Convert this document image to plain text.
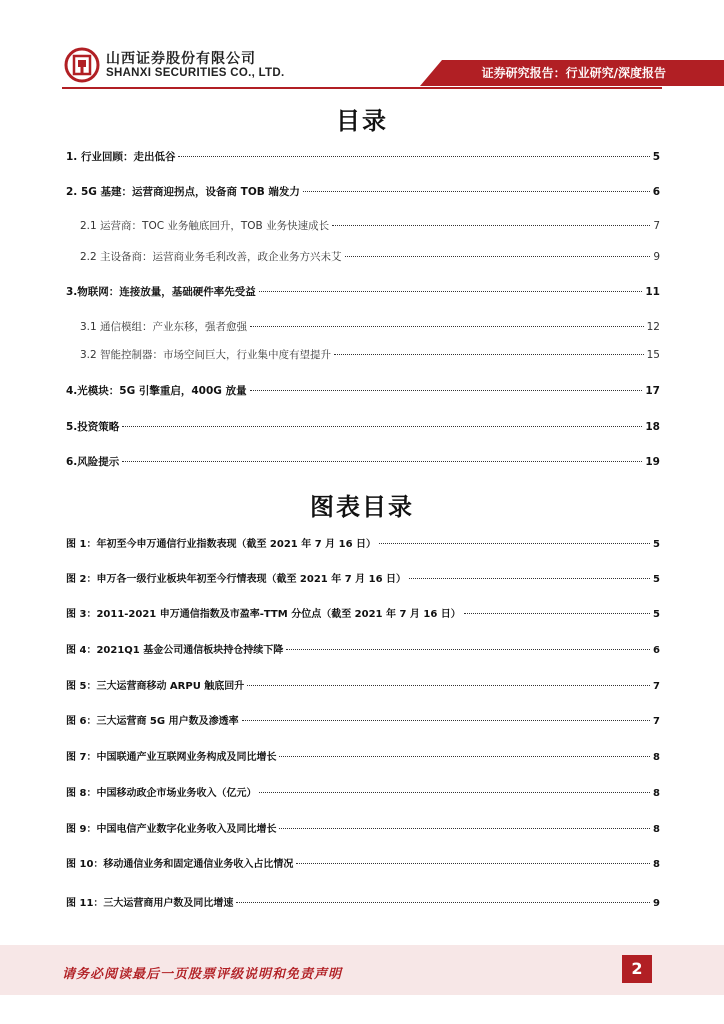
山西证券股份有限公司
SHANXI SECURITIES CO., LTD.	证券研究报告：行业研究/深度报告
目录
1. 行业回顾：走出低谷	5
2. 5G 基建：运营商迎拐点，设备商 TOB 端发力	6
2.1 运营商：TOC 业务触底回升，TOB 业务快速成长	7
2.2 主设备商：运营商业务毛利改善，政企业务方兴未艾	9
3.物联网：连接放量，基础硬件率先受益	11
3.1 通信模组：产业东移，强者愈强	12
3.2 智能控制器：市场空间巨大，行业集中度有望提升	15
4.光模块：5G 引擎重启，400G 放量	17
5.投资策略	18
6.风险提示	19
图表目录
图 1：年初至今申万通信行业指数表现（截至 2021 年 7 月 16 日）	5
图 2：申万各一级行业板块年初至今行情表现（截至 2021 年 7 月 16 日）	5
图 3：2011-2021 申万通信指数及市盈率-TTM 分位点（截至 2021 年 7 月 16 日）	5
图 4：2021Q1 基金公司通信板块持仓持续下降	6
图 5：三大运营商移动 ARPU 触底回升	7
图 6：三大运营商 5G 用户数及渗透率	7
图 7：中国联通产业互联网业务构成及同比增长	8
图 8：中国移动政企市场业务收入（亿元）	8
图 9：中国电信产业数字化业务收入及同比增长	8
图 10：移动通信业务和固定通信业务收入占比情况	8
图 11：三大运营商用户数及同比增速	9
请务必阅读最后一页股票评级说明和免责声明	2
